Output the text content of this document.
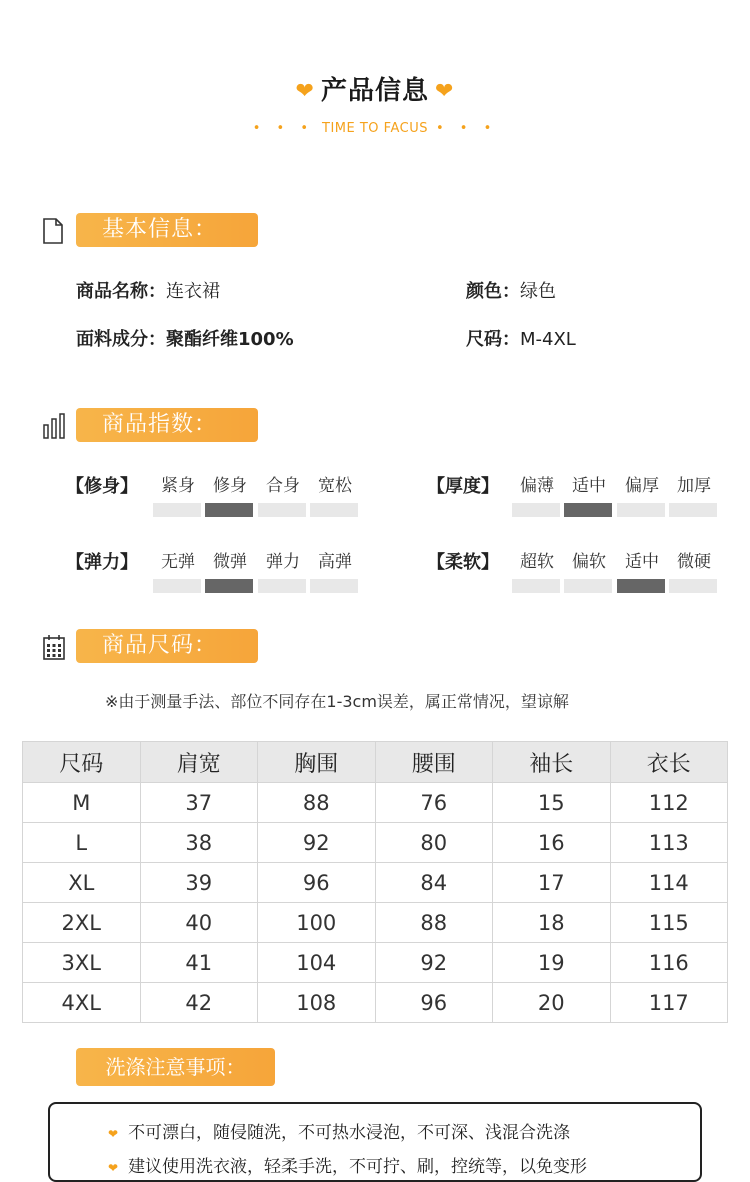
❤ 产品信息 ❤
• • • TIME TO FACUS • • •
基本信息：
商品名称：连衣裙	颜色：绿色
面料成分：聚酯纤维100%	尺码：M-4XL
商品指数：
【修身】	紧身	修身	合身	宽松	【厚度】	偏薄	适中	偏厚	加厚
【弹力】	无弹	微弹	弹力	高弹	【柔软】	超软	偏软	适中	微硬
商品尺码：
※由于测量手法、部位不同存在1-3cm误差，属正常情况，望谅解
尺码	肩宽	胸围	腰围	袖长	衣长
M	37	88	76	15	112
L	38	92	80	16	113
XL	39	96	84	17	114
2XL	40	100	88	18	115
3XL	41	104	92	19	116
4XL	42	108	96	20	117
洗涤注意事项：
❤ 不可漂白，随侵随洗，不可热水浸泡，不可深、浅混合洗涤
❤ 建议使用洗衣液，轻柔手洗，不可拧、刷，控统等，以免变形
